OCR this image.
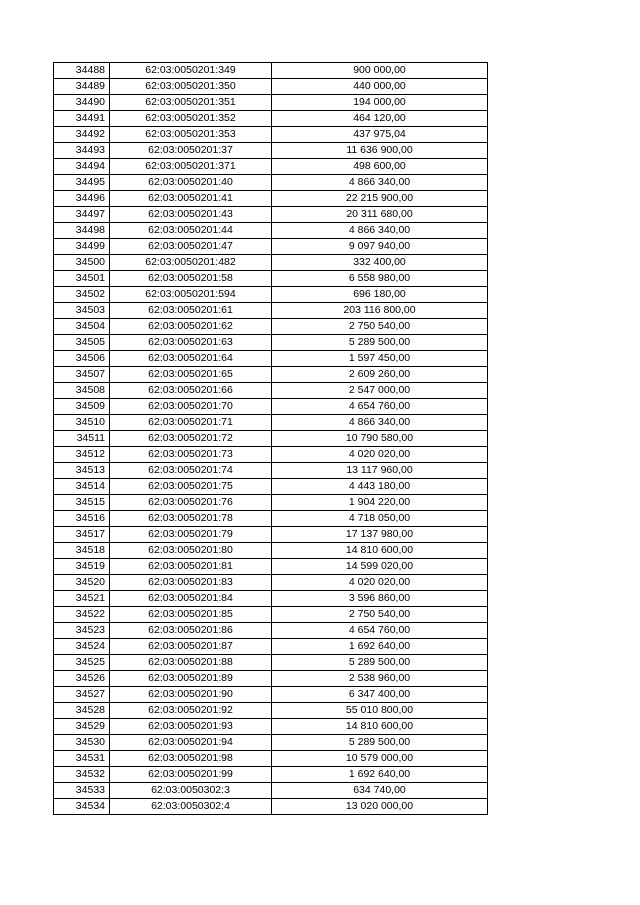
34488	62:03:0050201:349	900 000,00
34489	62:03:0050201:350	440 000,00
34490	62:03:0050201:351	194 000,00
34491	62:03:0050201:352	464 120,00
34492	62:03:0050201:353	437 975,04
34493	62:03:0050201:37	11 636 900,00
34494	62:03:0050201:371	498 600,00
34495	62:03:0050201:40	4 866 340,00
34496	62:03:0050201:41	22 215 900,00
34497	62:03:0050201:43	20 311 680,00
34498	62:03:0050201:44	4 866 340,00
34499	62:03:0050201:47	9 097 940,00
34500	62:03:0050201:482	332 400,00
34501	62:03:0050201:58	6 558 980,00
34502	62:03:0050201:594	696 180,00
34503	62:03:0050201:61	203 116 800,00
34504	62:03:0050201:62	2 750 540,00
34505	62:03:0050201:63	5 289 500,00
34506	62:03:0050201:64	1 597 450,00
34507	62:03:0050201:65	2 609 260,00
34508	62:03:0050201:66	2 547 000,00
34509	62:03:0050201:70	4 654 760,00
34510	62:03:0050201:71	4 866 340,00
34511	62:03:0050201:72	10 790 580,00
34512	62:03:0050201:73	4 020 020,00
34513	62:03:0050201:74	13 117 960,00
34514	62:03:0050201:75	4 443 180,00
34515	62:03:0050201:76	1 904 220,00
34516	62:03:0050201:78	4 718 050,00
34517	62:03:0050201:79	17 137 980,00
34518	62:03:0050201:80	14 810 600,00
34519	62:03:0050201:81	14 599 020,00
34520	62:03:0050201:83	4 020 020,00
34521	62:03:0050201:84	3 596 860,00
34522	62:03:0050201:85	2 750 540,00
34523	62:03:0050201:86	4 654 760,00
34524	62:03:0050201:87	1 692 640,00
34525	62:03:0050201:88	5 289 500,00
34526	62:03:0050201:89	2 538 960,00
34527	62:03:0050201:90	6 347 400,00
34528	62:03:0050201:92	55 010 800,00
34529	62:03:0050201:93	14 810 600,00
34530	62:03:0050201:94	5 289 500,00
34531	62:03:0050201:98	10 579 000,00
34532	62:03:0050201:99	1 692 640,00
34533	62:03:0050302:3	634 740,00
34534	62:03:0050302:4	13 020 000,00
